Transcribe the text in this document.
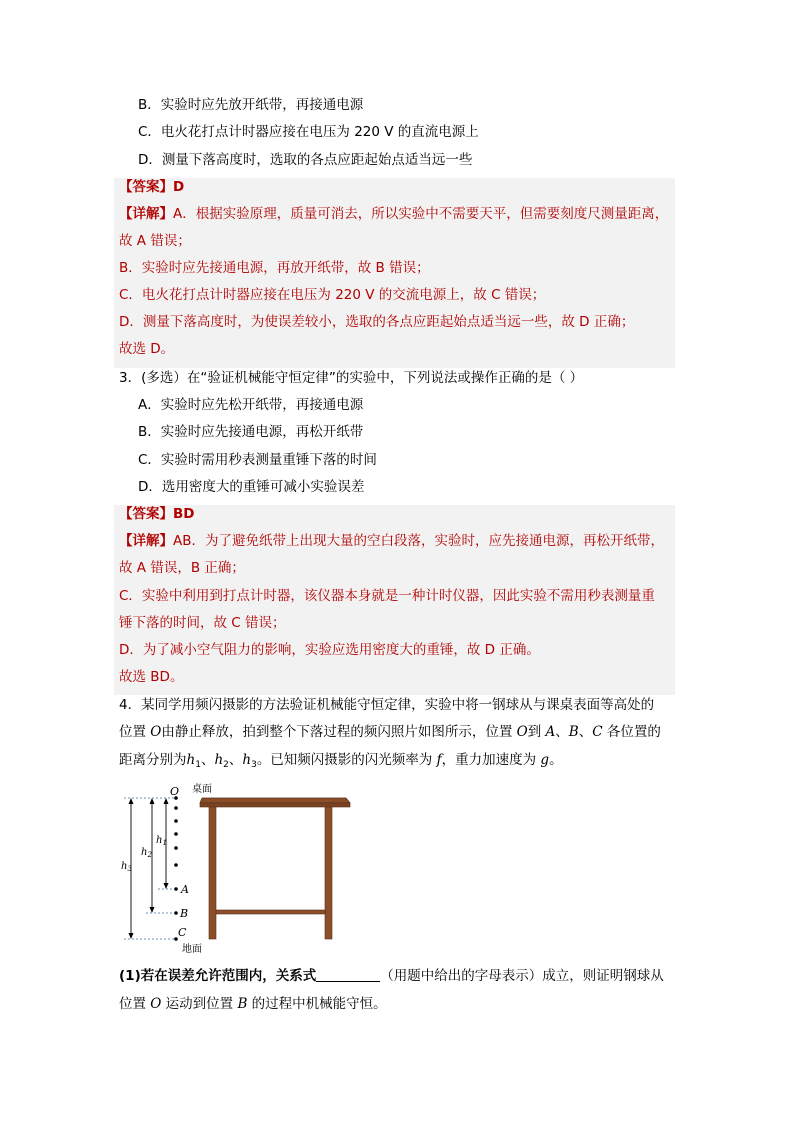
B．实验时应先放开纸带，再接通电源
C．电火花打点计时器应接在电压为 220 V 的直流电源上
D．测量下落高度时，选取的各点应距起始点适当远一些
【答案】D
【详解】A．根据实验原理，质量可消去，所以实验中不需要天平，但需要刻度尺测量距离，
故 A 错误；
B．实验时应先接通电源，再放开纸带，故 B 错误；
C．电火花打点计时器应接在电压为 220 V 的交流电源上，故 C 错误；
D．测量下落高度时，为使误差较小，选取的各点应距起始点适当远一些，故 D 正确；
故选 D。
3．(多选）在“验证机械能守恒定律”的实验中，下列说法或操作正确的是（ ）
A．实验时应先松开纸带，再接通电源
B．实验时应先接通电源，再松开纸带
C．实验时需用秒表测量重锤下落的时间
D．选用密度大的重锤可减小实验误差
【答案】BD
【详解】AB．为了避免纸带上出现大量的空白段落，实验时，应先接通电源，再松开纸带，
故 A 错误，B 正确；
C．实验中利用到打点计时器，该仪器本身就是一种计时仪器，因此实验不需用秒表测量重
锤下落的时间，故 C 错误；
D．为了减小空气阻力的影响，实验应选用密度大的重锤，故 D 正确。
故选 BD。
4．某同学用频闪摄影的方法验证机械能守恒定律，实验中将一钢球从与课桌表面等高处的
位置 O由静止释放，拍到整个下落过程的频闪照片如图所示，位置 O到 A、B、C 各位置的
距离分别为$h_1$、$h_2$、$h_3$。已知频闪摄影的闪光频率为 f，重力加速度为 g。
$h_3$
$h_2$
$h_1$
O
A
B
C
桌面
地面
(1)若在误差允许范围内，关系式	（用题中给出的字母表示）成立，则证明钢球从
位置 O 运动到位置 B 的过程中机械能守恒。
